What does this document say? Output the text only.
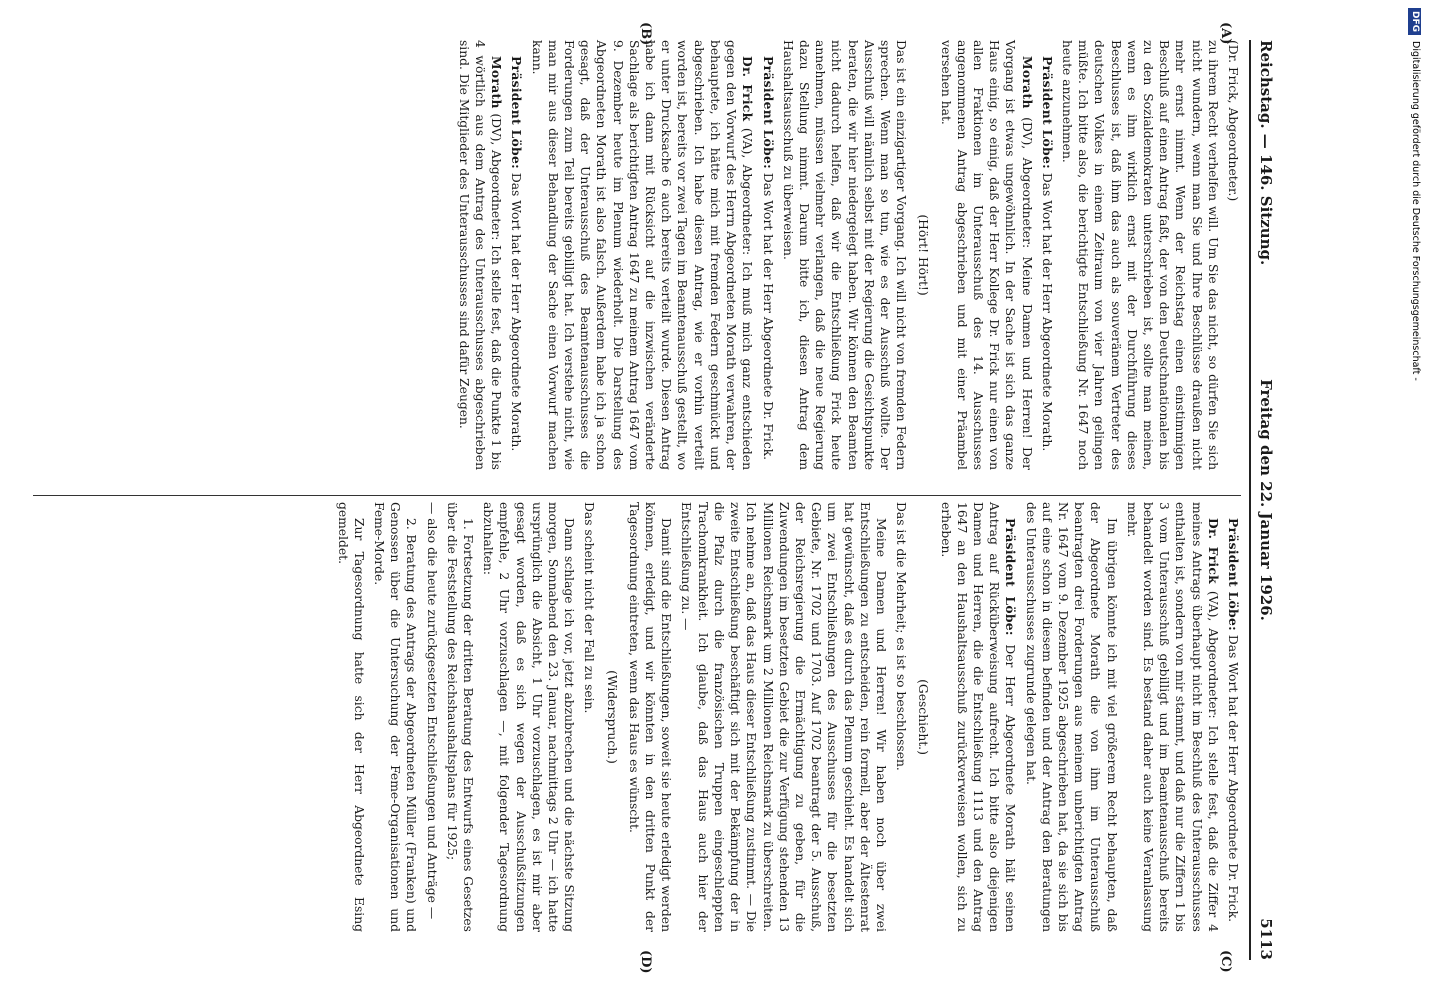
Reichstag. — 146. Sitzung.
Freitag den 22. Januar 1926.
5113

(Dr. Frick, Abgeordneter.)

zu ihrem Recht verhelfen will. Um Sie das nicht, so dürfen Sie sich nicht wundern, wenn man Sie und Ihre Beschlüsse draußen nicht mehr ernst nimmt. Wenn der Reichstag einen einstimmigen Beschluß auf einen Antrag faßt, der von den Deutschnationalen bis zu den Sozialdemokraten unterschrieben ist, sollte man meinen, wenn es ihm wirklich ernst mit der Durchführung dieses Beschlusses ist, daß ihm das auch als souveränem Vertreter des deutschen Volkes in einem Zeitraum von vier Jahren gelingen müßte. Ich bitte also, die berichtigte Entschließung Nr. 1647 noch heute anzunehmen.

Präsident Löbe: Das Wort hat der Herr Abgeordnete Morath.

Morath (DV), Abgeordneter: Meine Damen und Herren! Der Vorgang ist etwas ungewöhnlich. In der Sache ist sich das ganze Haus einig, so einig, daß der Herr Kollege Dr. Frick nur einen von allen Fraktionen im Unterausschuß des 14. Ausschusses angenommenen Antrag abgeschrieben und mit einer Präambel versehen hat.

(Hört! Hört!)

Das ist ein einzigartiger Vorgang. Ich will nicht von fremden Federn sprechen. Wenn man so tun, wie es der Ausschuß wollte. Der Ausschuß will nämlich selbst mit der Regierung die Gesichtspunkte beraten, die wir hier niedergelegt haben. Wir können den Beamten nicht dadurch helfen, daß wir die Entschließung Frick heute annehmen, müssen vielmehr verlangen, daß die neue Regierung dazu Stellung nimmt. Darum bitte ich, diesen Antrag dem Haushaltsausschuß zu überweisen.

Präsident Löbe: Das Wort hat der Herr Abgeordnete Dr. Frick.

Dr. Frick (VA), Abgeordneter: Ich muß mich ganz entschieden gegen den Vorwurf des Herrn Abgeordneten Morath verwahren, der behauptete, ich hätte mich mit fremden Federn geschmückt und abgeschrieben. Ich habe diesen Antrag, wie er vorhin verteilt worden ist, bereits vor zwei Tagen im Beamtenausschuß gestellt, wo er unter Drucksache 6 auch bereits verteilt wurde. Diesen Antrag habe ich dann mit Rücksicht auf die inzwischen veränderte Sachlage als berichtigten Antrag 1647 zu meinem Antrag 1647 vom 9. Dezember heute im Plenum wiederholt. Die Darstellung des Abgeordneten Morath ist also falsch. Außerdem habe ich ja schon gesagt, daß der Unterausschuß des Beamtenausschusses die Forderungen zum Teil bereits gebilligt hat. Ich verstehe nicht, wie man mir aus dieser Behandlung der Sache einen Vorwurf machen kann.

Präsident Löbe: Das Wort hat der Herr Abgeordnete Morath.

Morath (DV), Abgeordneter: Ich stelle fest, daß die Punkte 1 bis 4 wörtlich aus dem Antrag des Unterausschusses abgeschrieben sind. Die Mitglieder des Unterausschusses sind dafür Zeugen.

Präsident Löbe: Das Wort hat der Herr Abgeordnete Dr. Frick.

Dr. Frick (VA), Abgeordneter: Ich stelle fest, daß die Ziffer 4 meines Antrags überhaupt nicht im Beschluß des Unterausschusses enthalten ist, sondern von mir stammt, und daß nur die Ziffern 1 bis 3 vom Unterausschuß gebilligt und im Beamtenausschuß bereits behandelt worden sind. Es bestand daher auch keine Veranlassung mehr.

Im übrigen könnte ich mit viel größerem Recht behaupten, daß der Abgeordnete Morath die von ihm im Unterausschuß beantragten drei Forderungen aus meinem unberichtigten Antrag Nr. 1647 vom 9. Dezember 1925 abgeschrieben hat, da sie sich bis auf eine schon in diesem befinden und der Antrag den Beratungen des Unterausschusses zugrunde gelegen hat.

Präsident Löbe: Der Herr Abgeordnete Morath hält seinen Antrag auf Rücküberweisung aufrecht. Ich bitte also diejenigen Damen und Herren, die die Entschließung 1113 und den Antrag 1647 an den Haushaltsausschuß zurückverweisen wollen, sich zu erheben.

(Geschieht.)

Das ist die Mehrheit; es ist so beschlossen.

Meine Damen und Herren! Wir haben noch über zwei Entschließungen zu entscheiden, rein formell, aber der Ältestenrat hat gewünscht, daß es durch das Plenum geschieht. Es handelt sich um zwei Entschließungen des Ausschusses für die besetzten Gebiete, Nr. 1702 und 1703. Auf 1702 beantragt der 5. Ausschuß, der Reichsregierung die Ermächtigung zu geben, für die Zuwendungen im besetzten Gebiet die zur Verfügung stehenden 13 Millionen Reichsmark um 2 Millionen Reichsmark zu überschreiten. Ich nehme an, daß das Haus dieser Entschließung zustimmt. — Die zweite Entschließung beschäftigt sich mit der Bekämpfung der in die Pfalz durch die französischen Truppen eingeschleppten Trachomkrankheit. Ich glaube, daß das Haus auch hier der Entschließung zu. —

Damit sind die Entschließungen, soweit sie heute erledigt werden können, erledigt, und wir könnten in den dritten Punkt der Tagesordnung eintreten, wenn das Haus es wünscht.

(Widerspruch.)

Das scheint nicht der Fall zu sein.

Dann schlage ich vor, jetzt abzubrechen und die nächste Sitzung morgen, Sonnabend den 23. Januar, nachmittags 2 Uhr — ich hatte ursprünglich die Absicht, 1 Uhr vorzuschlagen, es ist mir aber gesagt worden, daß es sich wegen der Ausschußsitzungen empfehle, 2 Uhr vorzuschlagen —, mit folgender Tagesordnung abzuhalten:

1. Fortsetzung der dritten Beratung des Entwurfs eines Gesetzes über die Feststellung des Reichshaushaltsplans für 1925;

— also die heute zurückgesetzten Entschließungen und Anträge —

2. Beratung des Antrags der Abgeordneten Müller (Franken) und Genossen über die Untersuchung der Feme-Organisationen und Feme-Morde.

Zur Tagesordnung hatte sich der Herr Abgeordnete Esing gemeldet.

(A)
(B)
(C)
(D)
DFGDigitalisierung gefördert durch die Deutsche Forschungsgemeinschaft -
